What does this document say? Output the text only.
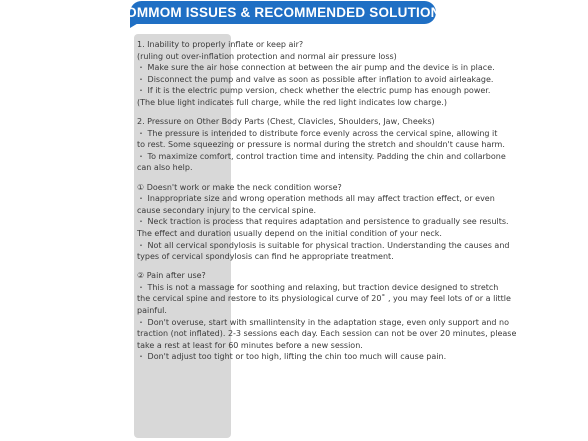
COMMOM ISSUES & RECOMMENDED SOLUTIONS
1. Inability to properly inflate or keep air?
(ruling out over-inflation protection and normal air pressure loss)
・ Make sure the air hose connection at between the air pump and the device is in place.
・ Disconnect the pump and valve as soon as possible after inflation to avoid airleakage.
・ If it is the electric pump version, check whether the electric pump has enough power.
(The blue light indicates full charge, while the red light indicates low charge.)
2. Pressure on Other Body Parts (Chest, Clavicles, Shoulders, Jaw, Cheeks)
・ The pressure is intended to distribute force evenly across the cervical spine, allowing it
to rest. Some squeezing or pressure is normal during the stretch and shouldn't cause harm.
・ To maximize comfort, control traction time and intensity. Padding the chin and collarbone
can also help.
① Doesn't work or make the neck condition worse?
・ Inappropriate size and wrong operation methods all may affect traction effect, or even
cause secondary injury to the cervical spine.
・ Neck traction is process that requires adaptation and persistence to gradually see results.
The effect and duration usually depend on the initial condition of your neck.
・ Not all cervical spondylosis is suitable for physical traction. Understanding the causes and
types of cervical spondylosis can find he appropriate treatment.
② Pain after use?
・ This is not a massage for soothing and relaxing, but traction device designed to stretch
the cervical spine and restore to its physiological curve of 20˚ , you may feel lots of or a little
painful.
・ Don't overuse, start with smallintensity in the adaptation stage, even only support and no
traction (not inflated). 2-3 sessions each day. Each session can not be over 20 minutes, please
take a rest at least for 60 minutes before a new session.
・ Don't adjust too tight or too high, lifting the chin too much will cause pain.
